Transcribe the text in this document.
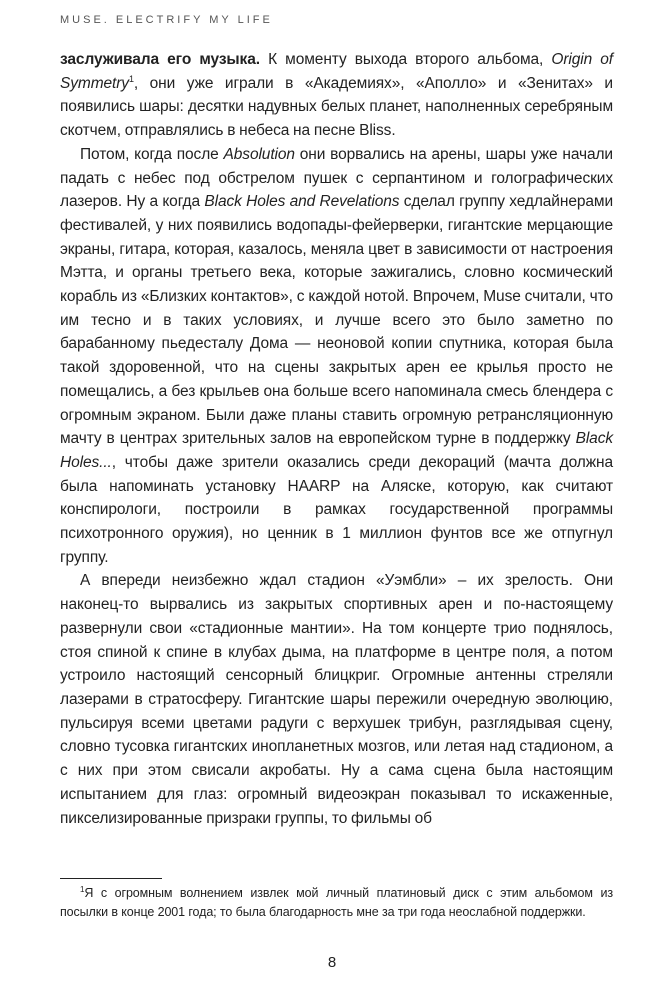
MUSE. ELECTRIFY MY LIFE

заслуживала его музыка. К моменту выхода второго альбома, Origin of Symmetry$^1$, они уже играли в «Академиях», «Аполло» и «Зенитах» и появились шары: десятки надувных белых планет, наполненных серебряным скотчем, отправлялись в небеса на песне Bliss.

Потом, когда после Absolution они ворвались на арены, шары уже начали падать с небес под обстрелом пушек с серпантином и голографических лазеров. Ну а когда Black Holes and Revelations сделал группу хедлайнерами фестивалей, у них появились водопады-фейерверки, гигантские мерцающие экраны, гитара, которая, казалось, меняла цвет в зависимости от настроения Мэтта, и органы третьего века, которые зажигались, словно космический корабль из «Близких контактов», с каждой нотой. Впрочем, Muse считали, что им тесно и в таких условиях, и лучше всего это было заметно по барабанному пьедесталу Дома — неоновой копии спутника, которая была такой здоровенной, что на сцены закрытых арен ее крылья просто не помещались, а без крыльев она больше всего напоминала смесь блендера с огромным экраном. Были даже планы ставить огромную ретрансляционную мачту в центрах зрительных залов на европейском турне в поддержку Black Holes..., чтобы даже зрители оказались среди декораций (мачта должна была напоминать установку HAARP на Аляске, которую, как считают конспирологи, построили в рамках государственной программы психотронного оружия), но ценник в 1 миллион фунтов все же отпугнул группу.

А впереди неизбежно ждал стадион «Уэмбли» – их зрелость. Они наконец-то вырвались из закрытых спортивных арен и по-настоящему развернули свои «стадионные мантии». На том концерте трио поднялось, стоя спиной к спине в клубах дыма, на платформе в центре поля, а потом устроило настоящий сенсорный блицкриг. Огромные антенны стреляли лазерами в стратосферу. Гигантские шары пережили очередную эволюцию, пульсируя всеми цветами радуги с верхушек трибун, разглядывая сцену, словно тусовка гигантских инопланетных мозгов, или летая над стадионом, а с них при этом свисали акробаты. Ну а сама сцена была настоящим испытанием для глаз: огромный видеоэкран показывал то искаженные, пикселизированные призраки группы, то фильмы об

$^1$Я с огромным волнением извлек мой личный платиновый диск с этим альбомом из посылки в конце 2001 года; то была благодарность мне за три года неослабной поддержки.

8
